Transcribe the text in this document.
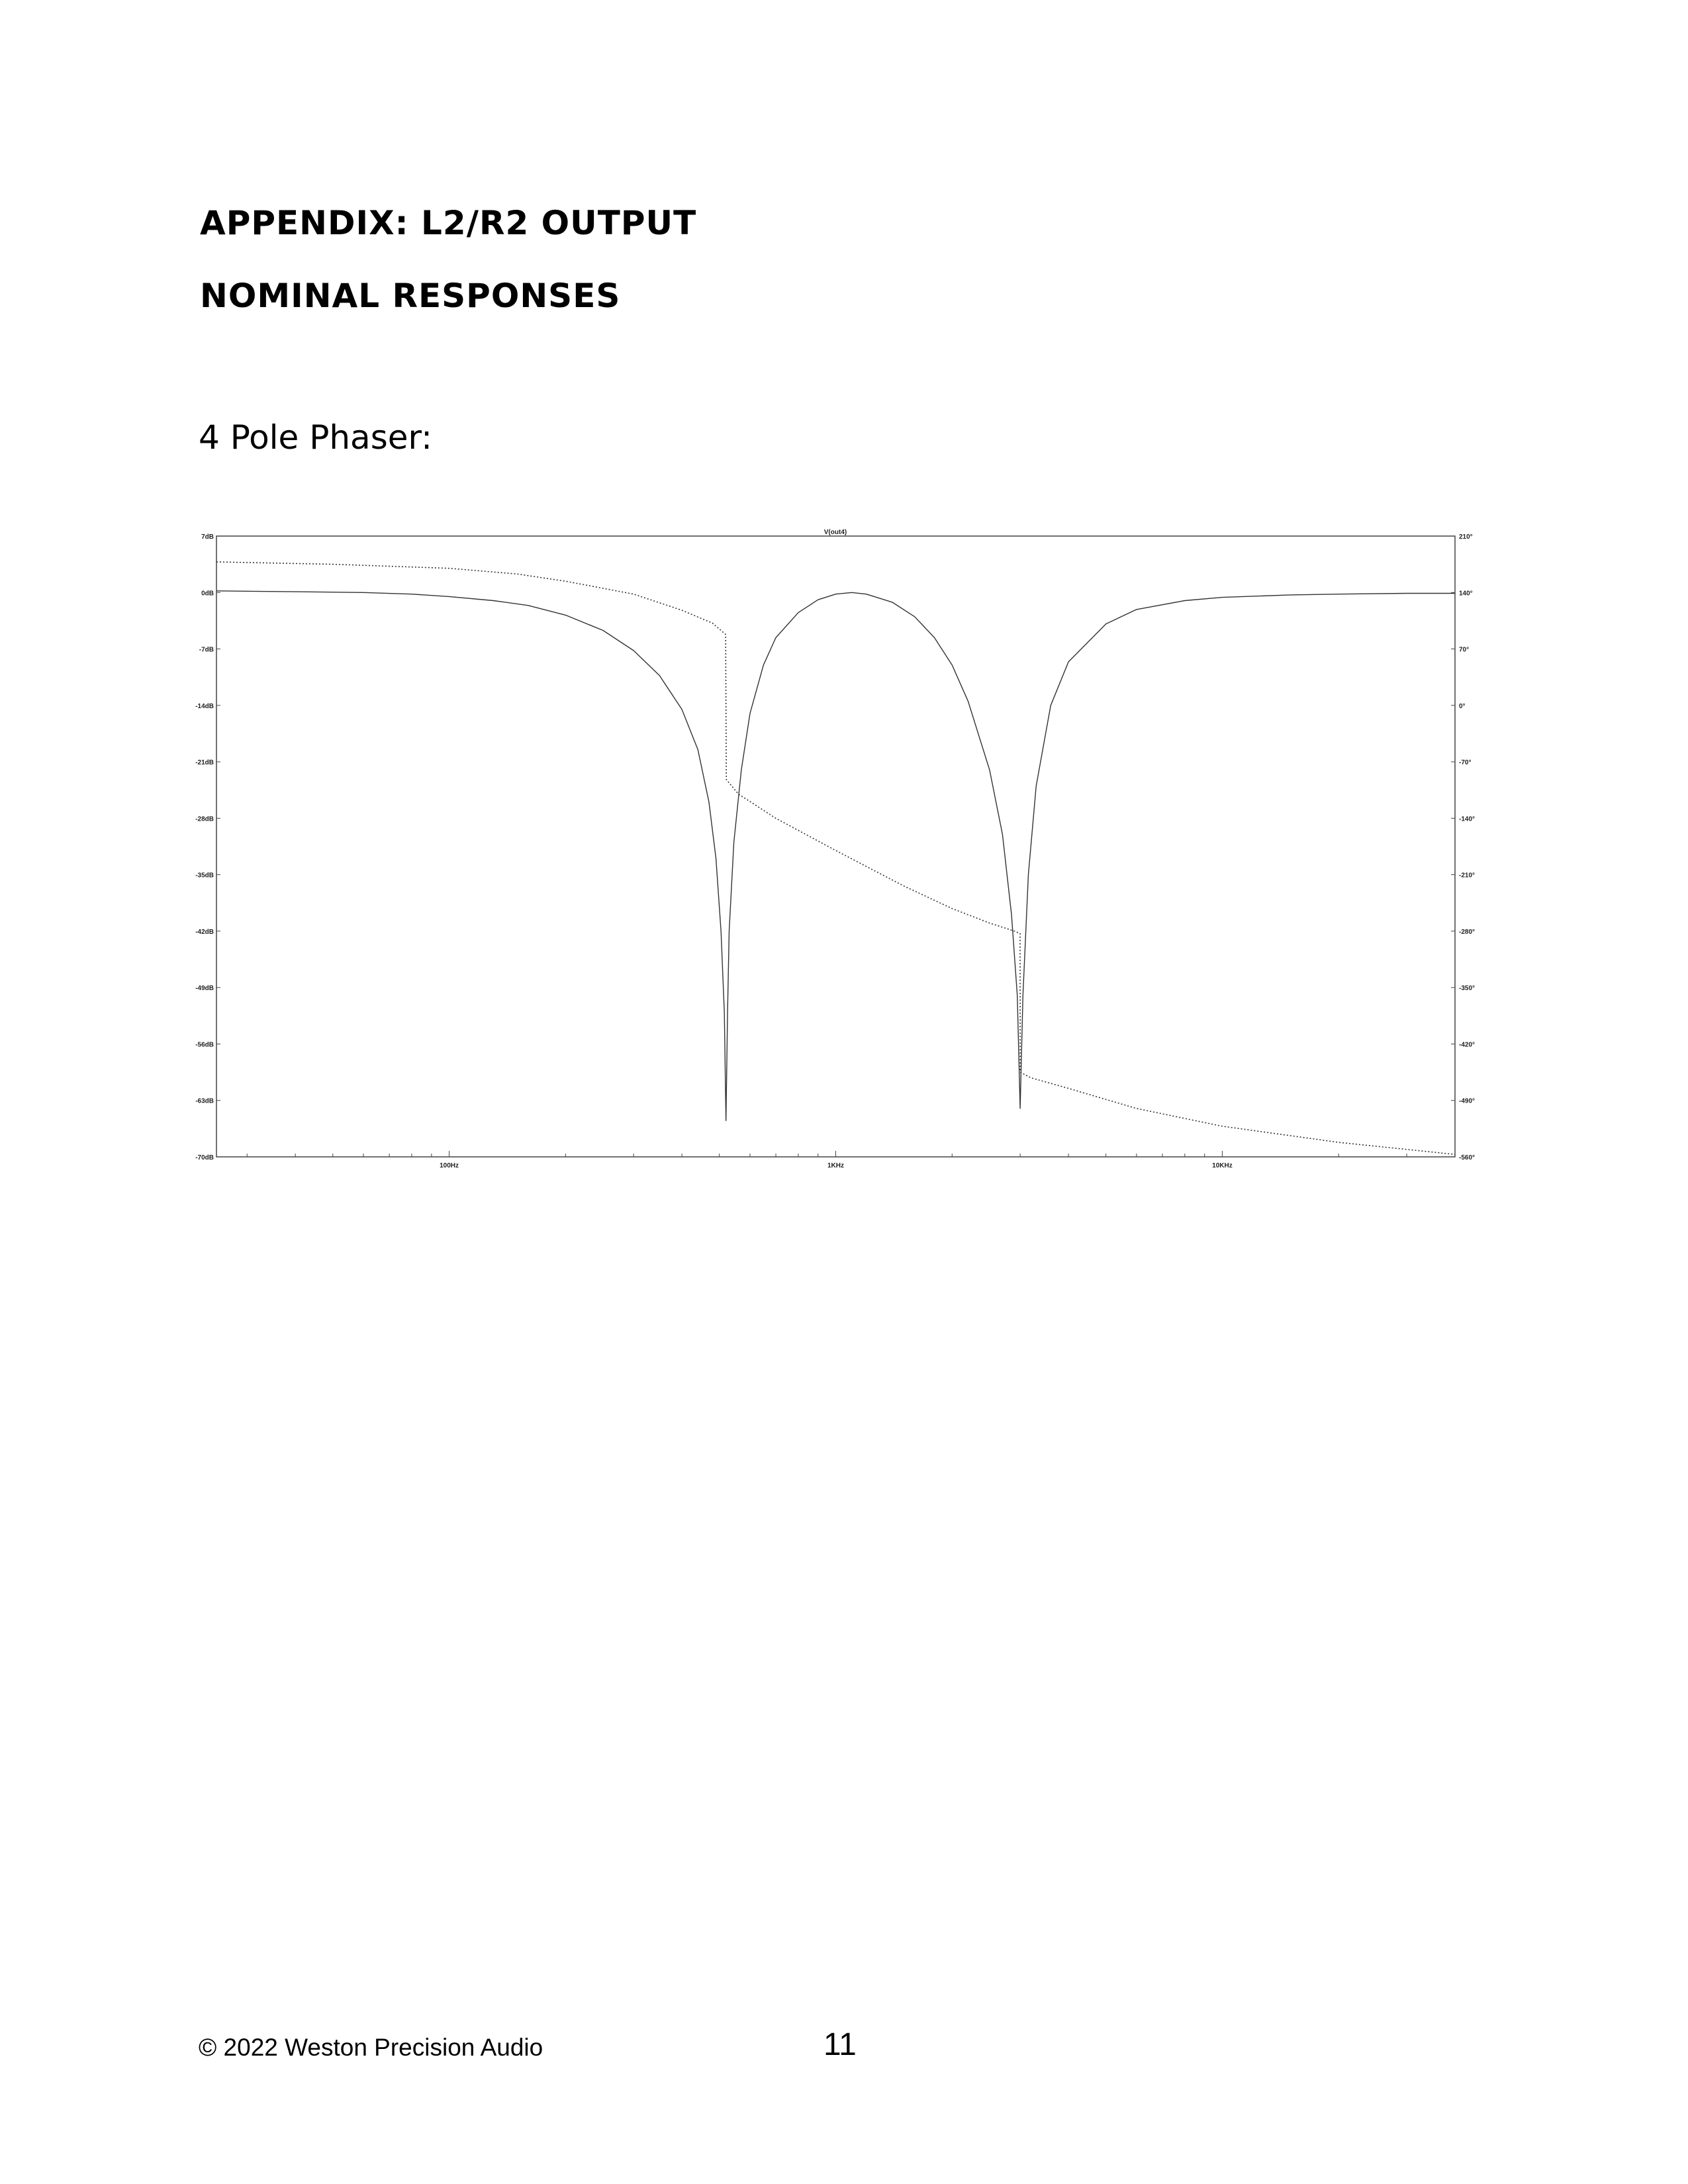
APPENDIX: L2/R2 OUTPUT
NOMINAL RESPONSES
4 Pole Phaser:
V(out4)
7dB	210°
0dB	140°
-7dB	70°
-14dB	0°
-21dB	-70°
-28dB	-140°
-35dB	-210°
-42dB	-280°
-49dB	-350°
-56dB	-420°
-63dB	-490°
-70dB	-560°
100Hz	1KHz	10KHz
© 2022 Weston Precision Audio	11
